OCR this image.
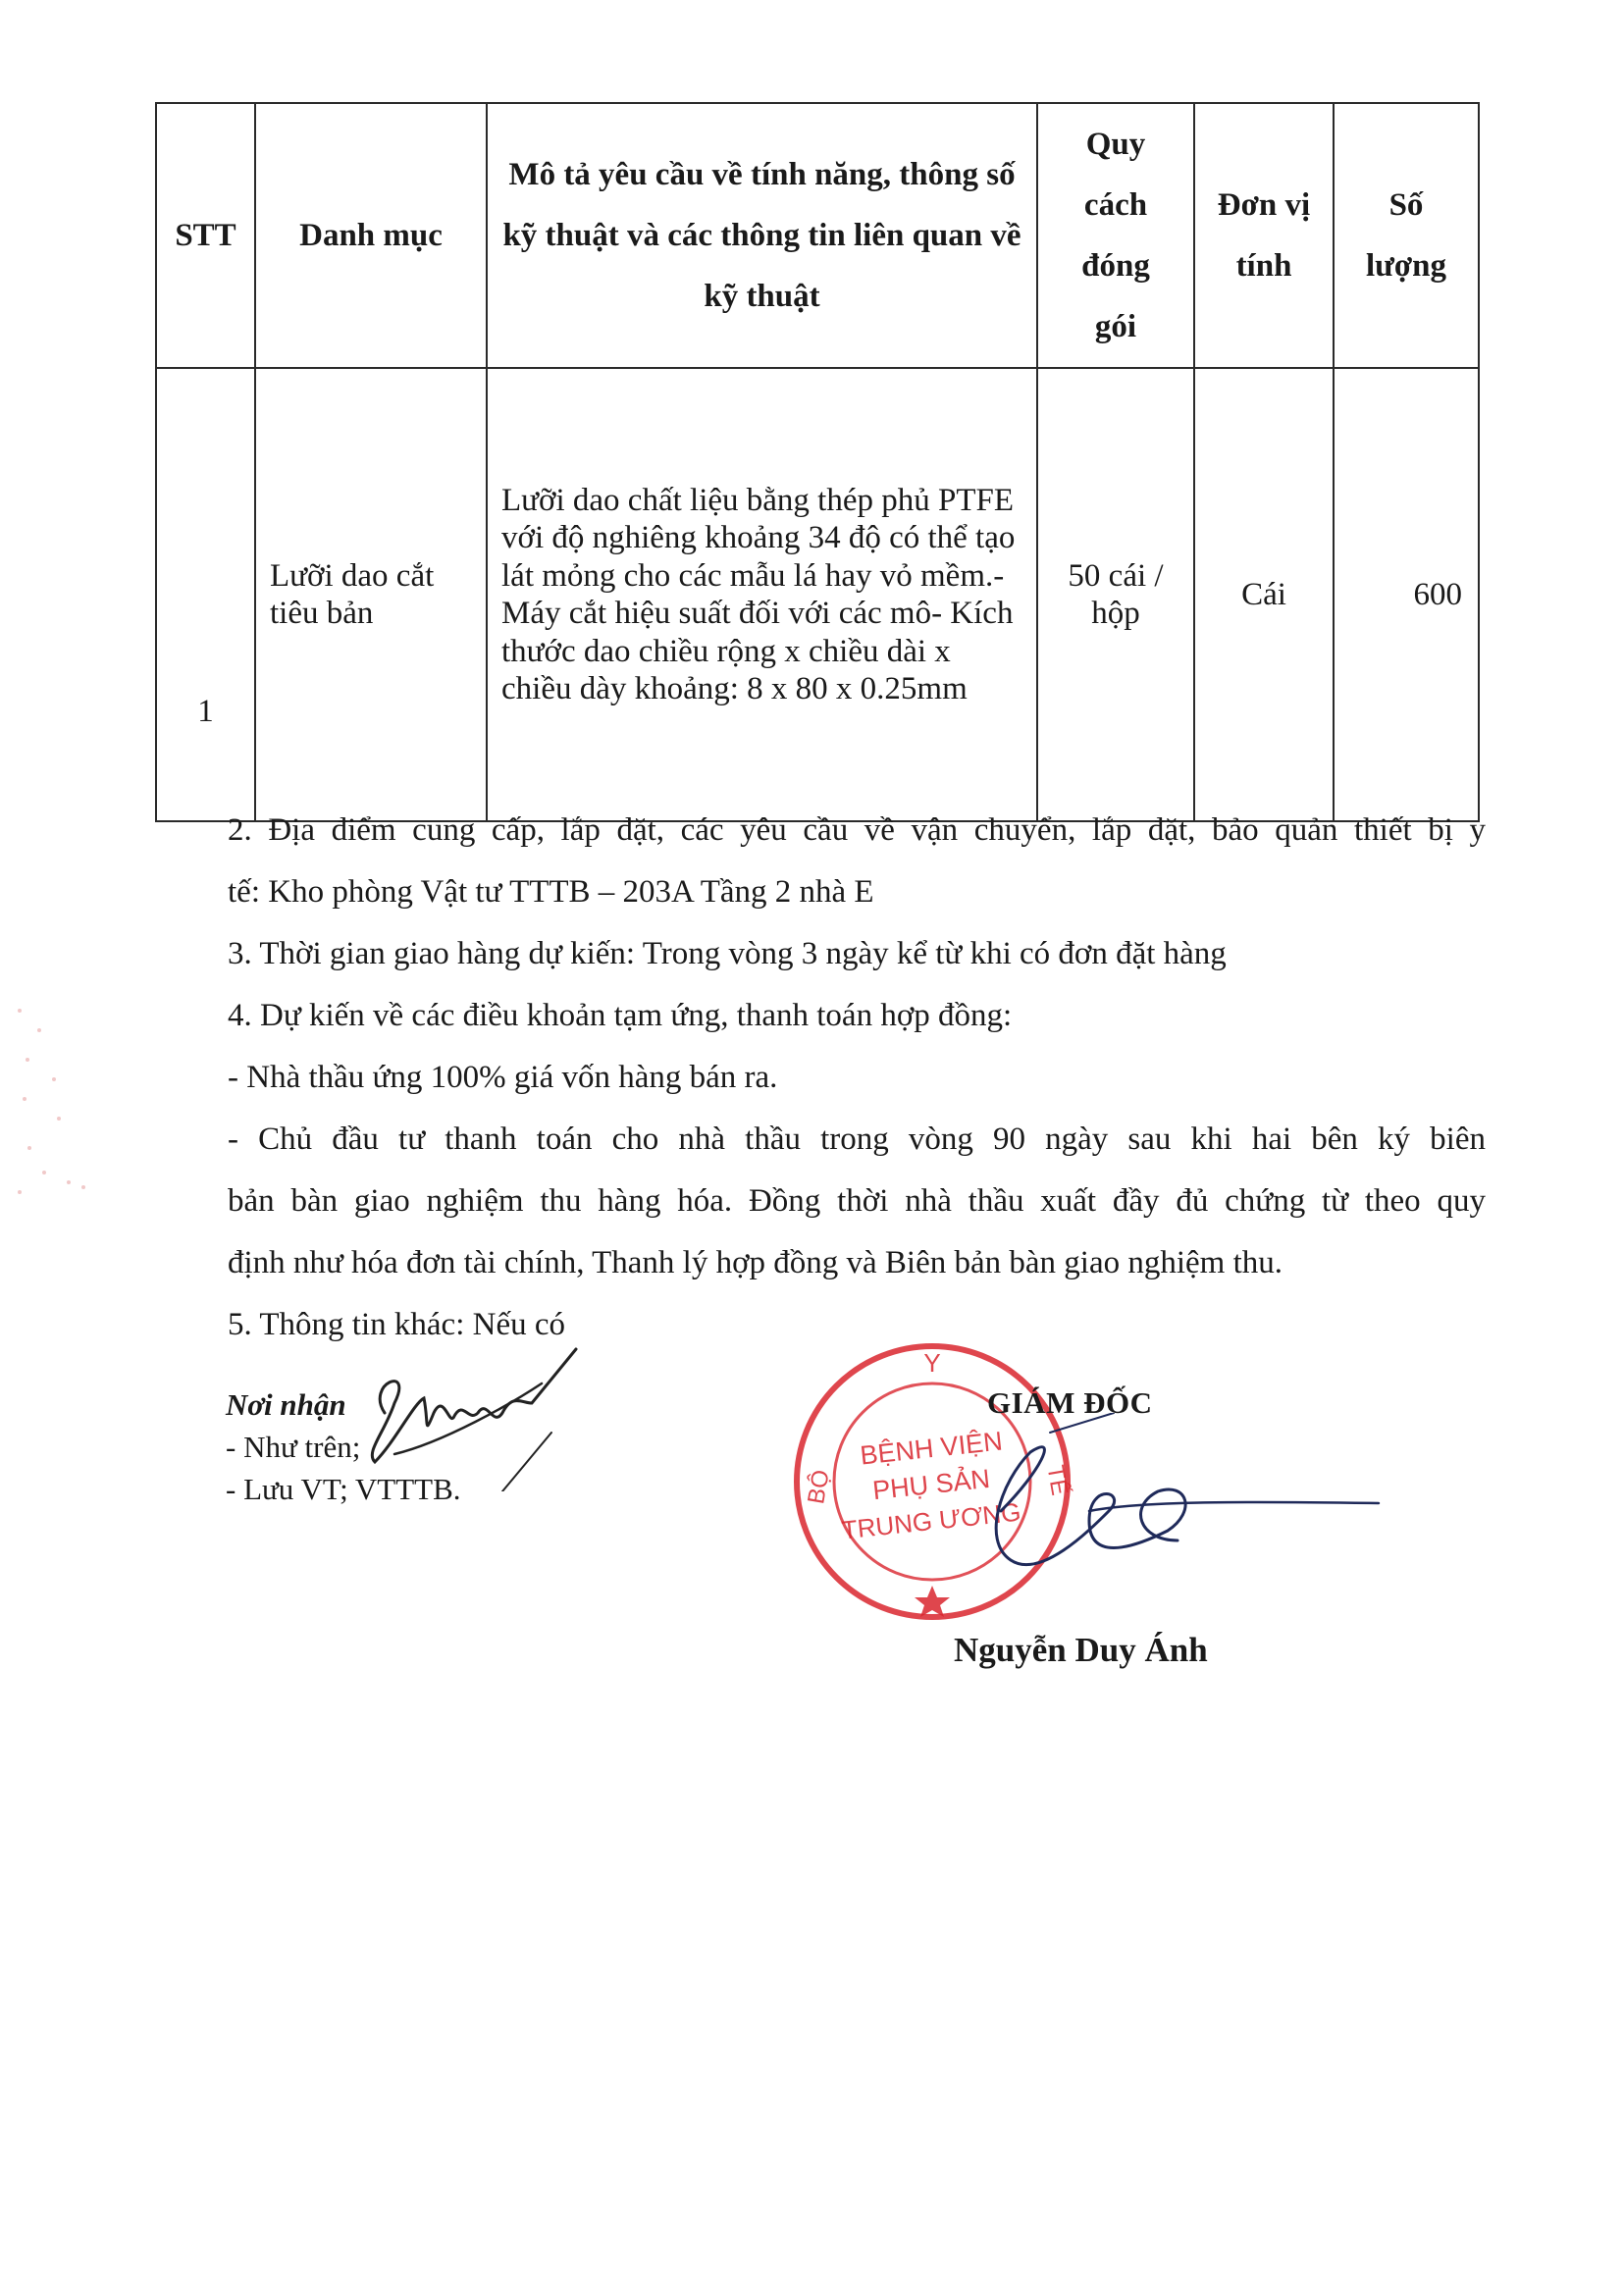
STT	Danh mục	Mô tả yêu cầu về tính năng, thông số kỹ thuật và các thông tin liên quan về kỹ thuật	Quy cách đóng gói	Đơn vị tính	Số lượng
1	Lưỡi dao cắt tiêu bản	Lưỡi dao chất liệu bằng thép phủ PTFE với độ nghiêng khoảng 34 độ có thể tạo lát mỏng cho các mẫu lá hay vỏ mềm.- Máy cắt hiệu suất đối với các mô- Kích thước dao chiều rộng x chiều dài x chiều dày khoảng: 8 x 80 x 0.25mm	50 cái / hộp	Cái	600
2. Địa điểm cung cấp, lắp đặt, các yêu cầu về vận chuyển, lắp đặt, bảo quản thiết bị y
tế: Kho phòng Vật tư TTTB – 203A Tầng 2 nhà E
3. Thời gian giao hàng dự kiến: Trong vòng 3 ngày kể từ khi có đơn đặt hàng
4. Dự kiến về các điều khoản tạm ứng, thanh toán hợp đồng:
- Nhà thầu ứng 100% giá vốn hàng bán ra.
- Chủ đầu tư thanh toán cho nhà thầu trong vòng 90 ngày sau khi hai bên ký biên
bản bàn giao nghiệm thu hàng hóa. Đồng thời nhà thầu xuất đầy đủ chứng từ theo quy
định như hóa đơn tài chính, Thanh lý hợp đồng và Biên bản bàn giao nghiệm thu.
5. Thông tin khác: Nếu có
Nơi nhận
- Như trên;
- Lưu VT; VTTTB.
Y
BỘ	TẾ
BỆNH VIỆN
PHỤ SẢN
TRUNG ƯƠNG
GIÁM ĐỐC
Nguyễn Duy Ánh
